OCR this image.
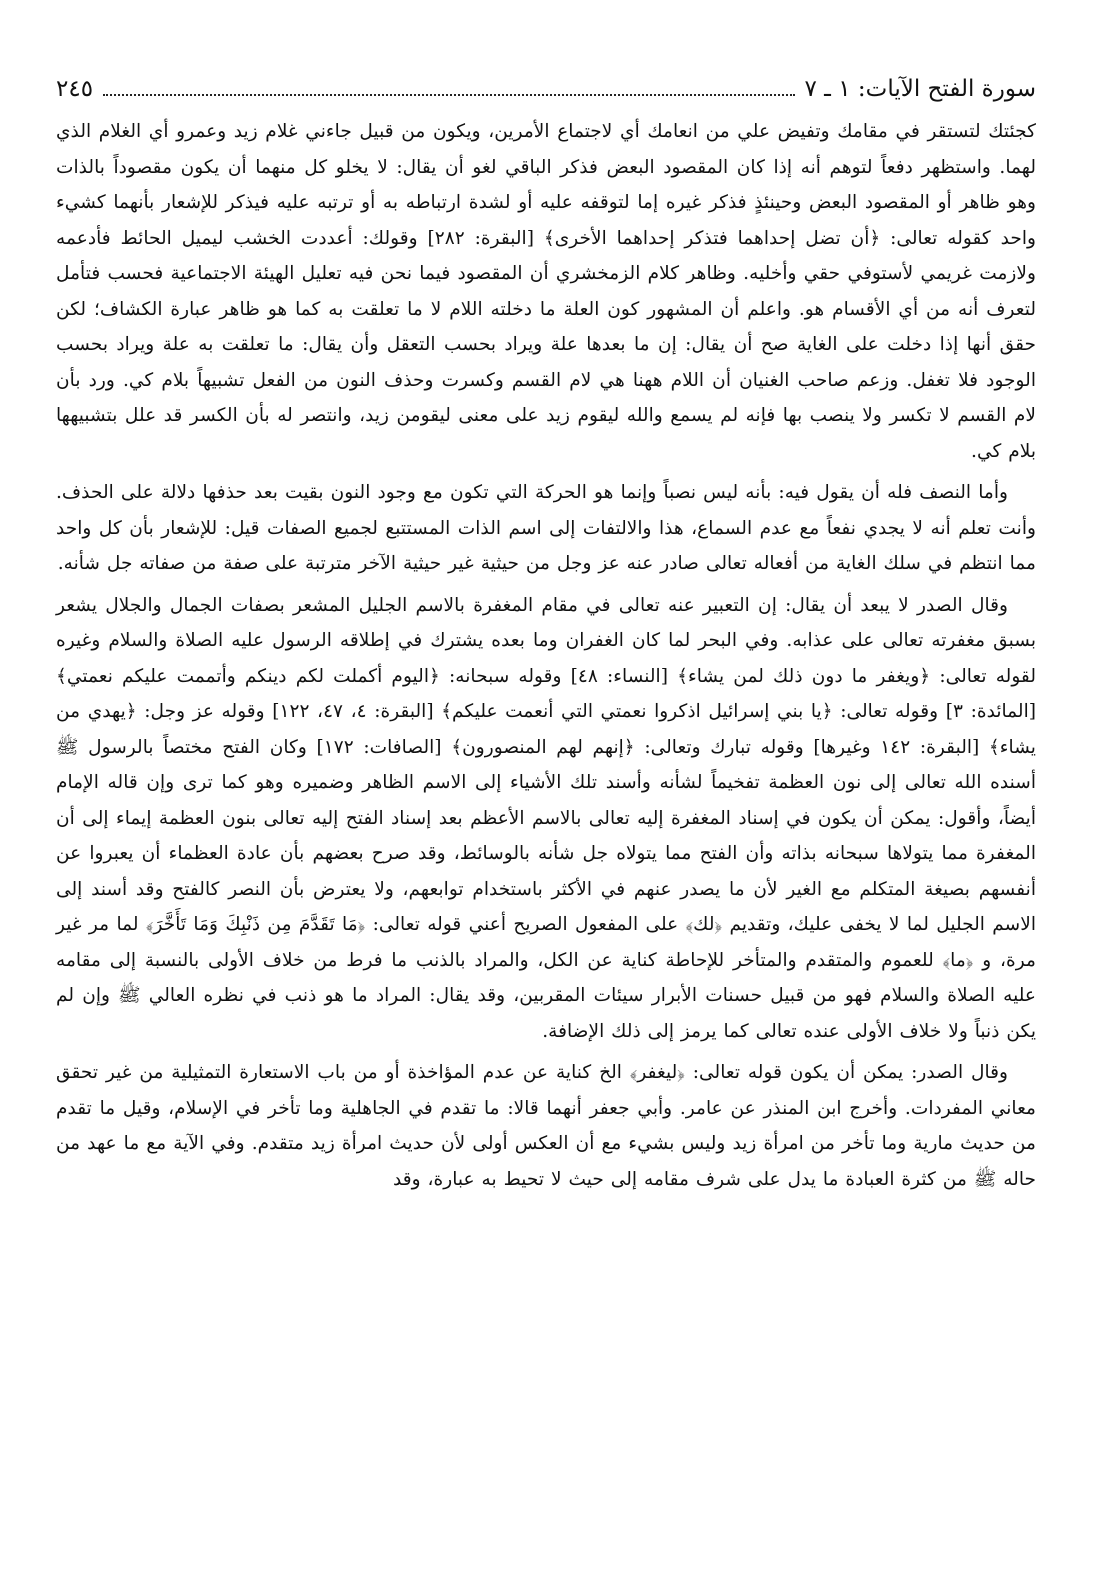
سورة الفتح الآيات: ١ ـ ٧
٢٤٥

كجئتك لتستقر في مقامك وتفيض علي من انعامك أي لاجتماع الأمرين، ويكون من قبيل جاءني غلام زيد وعمرو أي الغلام الذي لهما. واستظهر دفعاً لتوهم أنه إذا كان المقصود البعض فذكر الباقي لغو أن يقال: لا يخلو كل منهما أن يكون مقصوداً بالذات وهو ظاهر أو المقصود البعض وحينئذٍ فذكر غيره إما لتوقفه عليه أو لشدة ارتباطه به أو ترتبه عليه فيذكر للإشعار بأنهما كشيء واحد كقوله تعالى: ﴿أن تضل إحداهما فتذكر إحداهما الأخرى﴾ [البقرة: ٢٨٢] وقولك: أعددت الخشب ليميل الحائط فأدعمه ولازمت غريمي لأستوفي حقي وأخليه. وظاهر كلام الزمخشري أن المقصود فيما نحن فيه تعليل الهيئة الاجتماعية فحسب فتأمل لتعرف أنه من أي الأقسام هو. واعلم أن المشهور كون العلة ما دخلته اللام لا ما تعلقت به كما هو ظاهر عبارة الكشاف؛ لكن حقق أنها إذا دخلت على الغاية صح أن يقال: إن ما بعدها علة ويراد بحسب التعقل وأن يقال: ما تعلقت به علة ويراد بحسب الوجود فلا تغفل. وزعم صاحب الغنيان أن اللام ههنا هي لام القسم وكسرت وحذف النون من الفعل تشبيهاً بلام كي. ورد بأن لام القسم لا تكسر ولا ينصب بها فإنه لم يسمع والله ليقوم زيد على معنى ليقومن زيد، وانتصر له بأن الكسر قد علل بتشبيهها بلام كي.

وأما النصف فله أن يقول فيه: بأنه ليس نصباً وإنما هو الحركة التي تكون مع وجود النون بقيت بعد حذفها دلالة على الحذف. وأنت تعلم أنه لا يجدي نفعاً مع عدم السماع، هذا والالتفات إلى اسم الذات المستتبع لجميع الصفات قيل: للإشعار بأن كل واحد مما انتظم في سلك الغاية من أفعاله تعالى صادر عنه عز وجل من حيثية غير حيثية الآخر مترتبة على صفة من صفاته جل شأنه.

وقال الصدر لا يبعد أن يقال: إن التعبير عنه تعالى في مقام المغفرة بالاسم الجليل المشعر بصفات الجمال والجلال يشعر بسبق مغفرته تعالى على عذابه. وفي البحر لما كان الغفران وما بعده يشترك في إطلاقه الرسول عليه الصلاة والسلام وغيره لقوله تعالى: ﴿ويغفر ما دون ذلك لمن يشاء﴾ [النساء: ٤٨] وقوله سبحانه: ﴿اليوم أكملت لكم دينكم وأتممت عليكم نعمتي﴾ [المائدة: ٣] وقوله تعالى: ﴿يا بني إسرائيل اذكروا نعمتي التي أنعمت عليكم﴾ [البقرة: ٤، ٤٧، ١٢٢] وقوله عز وجل: ﴿يهدي من يشاء﴾ [البقرة: ١٤٢ وغيرها] وقوله تبارك وتعالى: ﴿إنهم لهم المنصورون﴾ [الصافات: ١٧٢] وكان الفتح مختصاً بالرسول ﷺ أسنده الله تعالى إلى نون العظمة تفخيماً لشأنه وأسند تلك الأشياء إلى الاسم الظاهر وضميره وهو كما ترى وإن قاله الإمام أيضاً، وأقول: يمكن أن يكون في إسناد المغفرة إليه تعالى بالاسم الأعظم بعد إسناد الفتح إليه تعالى بنون العظمة إيماء إلى أن المغفرة مما يتولاها سبحانه بذاته وأن الفتح مما يتولاه جل شأنه بالوسائط، وقد صرح بعضهم بأن عادة العظماء أن يعبروا عن أنفسهم بصيغة المتكلم مع الغير لأن ما يصدر عنهم في الأكثر باستخدام توابعهم، ولا يعترض بأن النصر كالفتح وقد أسند إلى الاسم الجليل لما لا يخفى عليك، وتقديم ﴿لك﴾ على المفعول الصريح أعني قوله تعالى: ﴿مَا تَقَدَّمَ مِن ذَنْبِكَ وَمَا تَأَخَّرَ﴾ لما مر غير مرة، و ﴿ما﴾ للعموم والمتقدم والمتأخر للإحاطة كناية عن الكل، والمراد بالذنب ما فرط من خلاف الأولى بالنسبة إلى مقامه عليه الصلاة والسلام فهو من قبيل حسنات الأبرار سيئات المقربين، وقد يقال: المراد ما هو ذنب في نظره العالي ﷺ وإن لم يكن ذنباً ولا خلاف الأولى عنده تعالى كما يرمز إلى ذلك الإضافة.

وقال الصدر: يمكن أن يكون قوله تعالى: ﴿ليغفر﴾ الخ كناية عن عدم المؤاخذة أو من باب الاستعارة التمثيلية من غير تحقق معاني المفردات. وأخرج ابن المنذر عن عامر. وأبي جعفر أنهما قالا: ما تقدم في الجاهلية وما تأخر في الإسلام، وقيل ما تقدم من حديث مارية وما تأخر من امرأة زيد وليس بشيء مع أن العكس أولى لأن حديث امرأة زيد متقدم. وفي الآية مع ما عهد من حاله ﷺ من كثرة العبادة ما يدل على شرف مقامه إلى حيث لا تحيط به عبارة، وقد
